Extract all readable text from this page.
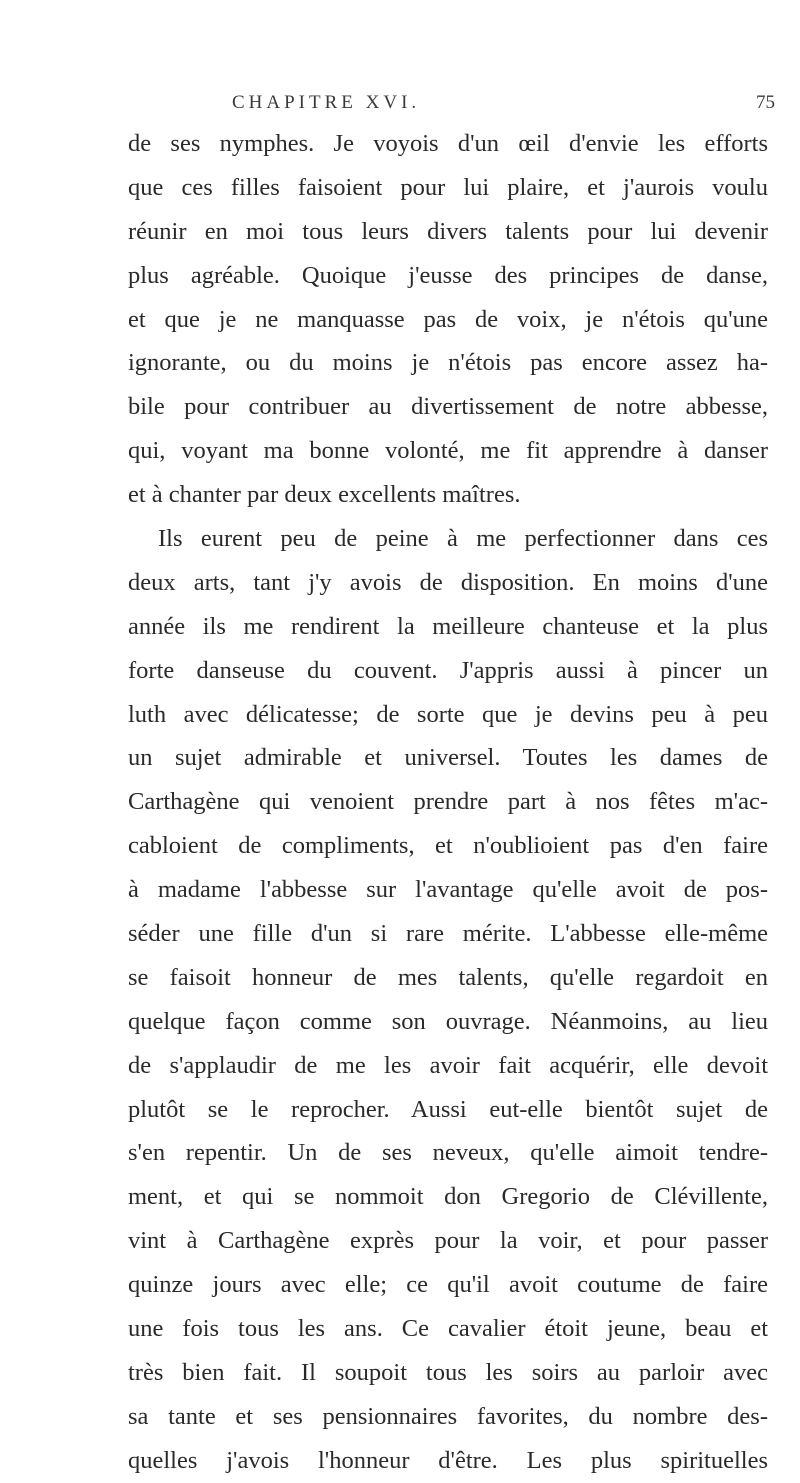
CHAPITRE XVI.	75
de ses nymphes. Je voyois d'un œil d'envie les efforts
que ces filles faisoient pour lui plaire, et j'aurois voulu
réunir en moi tous leurs divers talents pour lui devenir
plus agréable. Quoique j'eusse des principes de danse,
et que je ne manquasse pas de voix, je n'étois qu'une
ignorante, ou du moins je n'étois pas encore assez ha-
bile pour contribuer au divertissement de notre abbesse,
qui, voyant ma bonne volonté, me fit apprendre à danser
et à chanter par deux excellents maîtres.
Ils eurent peu de peine à me perfectionner dans ces
deux arts, tant j'y avois de disposition. En moins d'une
année ils me rendirent la meilleure chanteuse et la plus
forte danseuse du couvent. J'appris aussi à pincer un
luth avec délicatesse; de sorte que je devins peu à peu
un sujet admirable et universel. Toutes les dames de
Carthagène qui venoient prendre part à nos fêtes m'ac-
cabloient de compliments, et n'oublioient pas d'en faire
à madame l'abbesse sur l'avantage qu'elle avoit de pos-
séder une fille d'un si rare mérite. L'abbesse elle-même
se faisoit honneur de mes talents, qu'elle regardoit en
quelque façon comme son ouvrage. Néanmoins, au lieu
de s'applaudir de me les avoir fait acquérir, elle devoit
plutôt se le reprocher. Aussi eut-elle bientôt sujet de
s'en repentir. Un de ses neveux, qu'elle aimoit tendre-
ment, et qui se nommoit don Gregorio de Clévillente,
vint à Carthagène exprès pour la voir, et pour passer
quinze jours avec elle; ce qu'il avoit coutume de faire
une fois tous les ans. Ce cavalier étoit jeune, beau et
très bien fait. Il soupoit tous les soirs au parloir avec
sa tante et ses pensionnaires favorites, du nombre des-
quelles j'avois l'honneur d'être. Les plus spirituelles
